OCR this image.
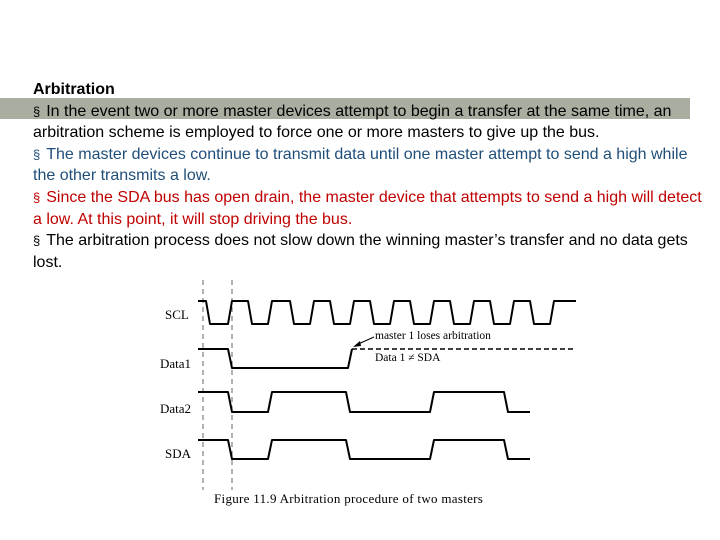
Arbitration

§ In the event two or more master devices attempt to begin a transfer at the same time, an arbitration scheme is employed to force one or more masters to give up the bus.

§ The master devices continue to transmit data until one master attempt to send a high while the other transmits a low.

§ Since the SDA bus has open drain, the master device that attempts to send a high will detect a low. At this point, it will stop driving the bus.

§ The arbitration process does not slow down the winning master’s transfer and no data gets lost.

SCL
Data1
Data2
SDA
master 1 loses arbitration
Data 1 ≠ SDA
Figure 11.9 Arbitration procedure of two masters
